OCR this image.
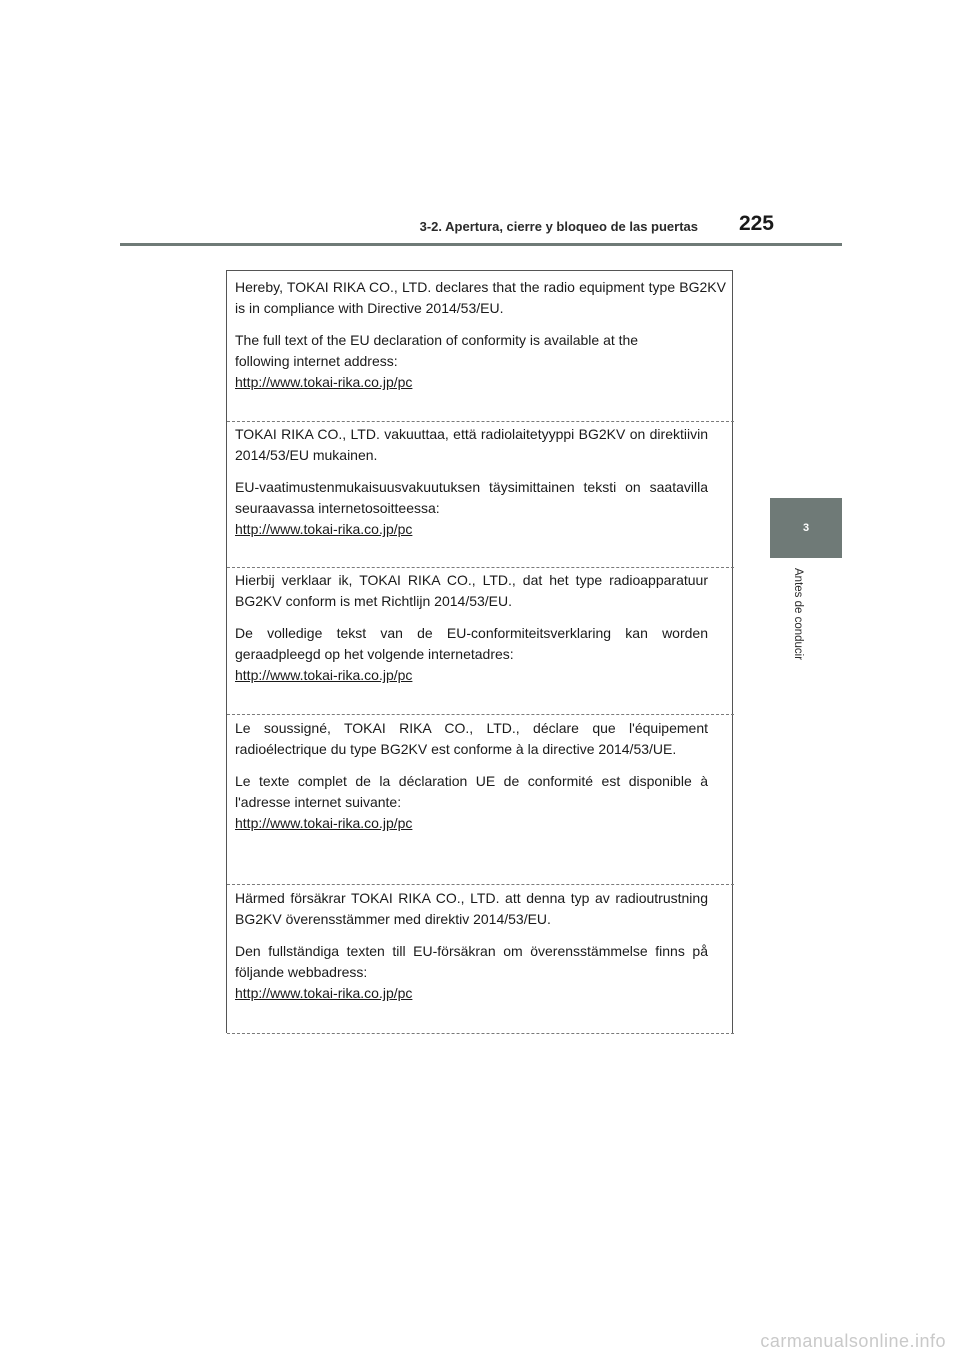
3-2. Apertura, cierre y bloqueo de las puertas 225
3
Antes de conducir

Hereby, TOKAI RIKA CO., LTD. declares that the radio equipment type BG2KV is in compliance with Directive 2014/53/EU.

The full text of the EU declaration of conformity is available at the following internet address:

http://www.tokai-rika.co.jp/pc

TOKAI RIKA CO., LTD. vakuuttaa, että radiolaitetyyppi BG2KV on direktiivin 2014/53/EU mukainen.

EU-vaatimustenmukaisuusvakuutuksen täysimittainen teksti on saatavilla seuraavassa internetosoitteessa:

http://www.tokai-rika.co.jp/pc

Hierbij verklaar ik, TOKAI RIKA CO., LTD., dat het type radioapparatuur BG2KV conform is met Richtlijn 2014/53/EU.

De volledige tekst van de EU-conformiteitsverklaring kan worden geraadpleegd op het volgende internetadres:

http://www.tokai-rika.co.jp/pc

Le soussigné, TOKAI RIKA CO., LTD., déclare que l'équipement radioélectrique du type BG2KV est conforme à la directive 2014/53/UE.

Le texte complet de la déclaration UE de conformité est disponible à l'adresse internet suivante:

http://www.tokai-rika.co.jp/pc

Härmed försäkrar TOKAI RIKA CO., LTD. att denna typ av radioutrustning BG2KV överensstämmer med direktiv 2014/53/EU.

Den fullständiga texten till EU-försäkran om överensstämmelse finns på följande webbadress:

http://www.tokai-rika.co.jp/pc
carmanualsonline.info
